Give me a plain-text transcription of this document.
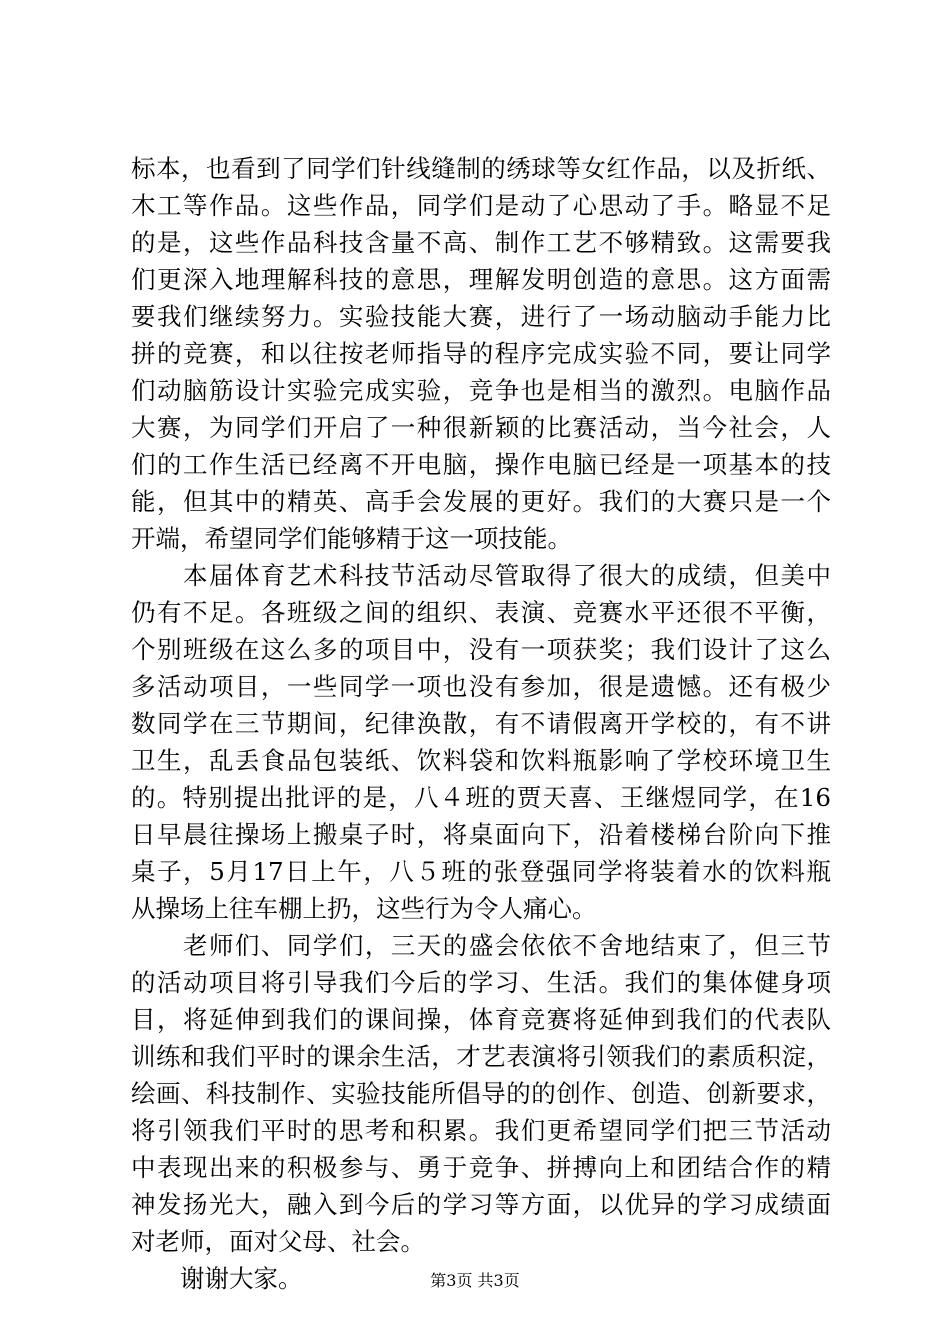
标本，也看到了同学们针线缝制的绣球等女红作品，以及折纸、
木工等作品。这些作品，同学们是动了心思动了手。略显不足
的是，这些作品科技含量不高、制作工艺不够精致。这需要我
们更深入地理解科技的意思，理解发明创造的意思。这方面需
要我们继续努力。实验技能大赛，进行了一场动脑动手能力比
拼的竞赛，和以往按老师指导的程序完成实验不同，要让同学
们动脑筋设计实验完成实验，竞争也是相当的激烈。电脑作品
大赛，为同学们开启了一种很新颖的比赛活动，当今社会，人
们的工作生活已经离不开电脑，操作电脑已经是一项基本的技
能，但其中的精英、高手会发展的更好。我们的大赛只是一个
开端，希望同学们能够精于这一项技能。
　　本届体育艺术科技节活动尽管取得了很大的成绩，但美中
仍有不足。各班级之间的组织、表演、竞赛水平还很不平衡，
个别班级在这么多的项目中，没有一项获奖；我们设计了这么
多活动项目，一些同学一项也没有参加，很是遗憾。还有极少
数同学在三节期间，纪律涣散，有不请假离开学校的，有不讲
卫生，乱丢食品包装纸、饮料袋和饮料瓶影响了学校环境卫生
的。特别提出批评的是，八４班的贾天喜、王继煜同学，在16
日早晨往操场上搬桌子时，将桌面向下，沿着楼梯台阶向下推
桌子，5月17日上午，八５班的张登强同学将装着水的饮料瓶
从操场上往车棚上扔，这些行为令人痛心。
　　老师们、同学们，三天的盛会依依不舍地结束了，但三节
的活动项目将引导我们今后的学习、生活。我们的集体健身项
目，将延伸到我们的课间操，体育竞赛将延伸到我们的代表队
训练和我们平时的课余生活，才艺表演将引领我们的素质积淀，
绘画、科技制作、实验技能所倡导的的创作、创造、创新要求，
将引领我们平时的思考和积累。我们更希望同学们把三节活动
中表现出来的积极参与、勇于竞争、拼搏向上和团结合作的精
神发扬光大，融入到今后的学习等方面，以优异的学习成绩面
对老师，面对父母、社会。
　　谢谢大家。	第3页 共3页
